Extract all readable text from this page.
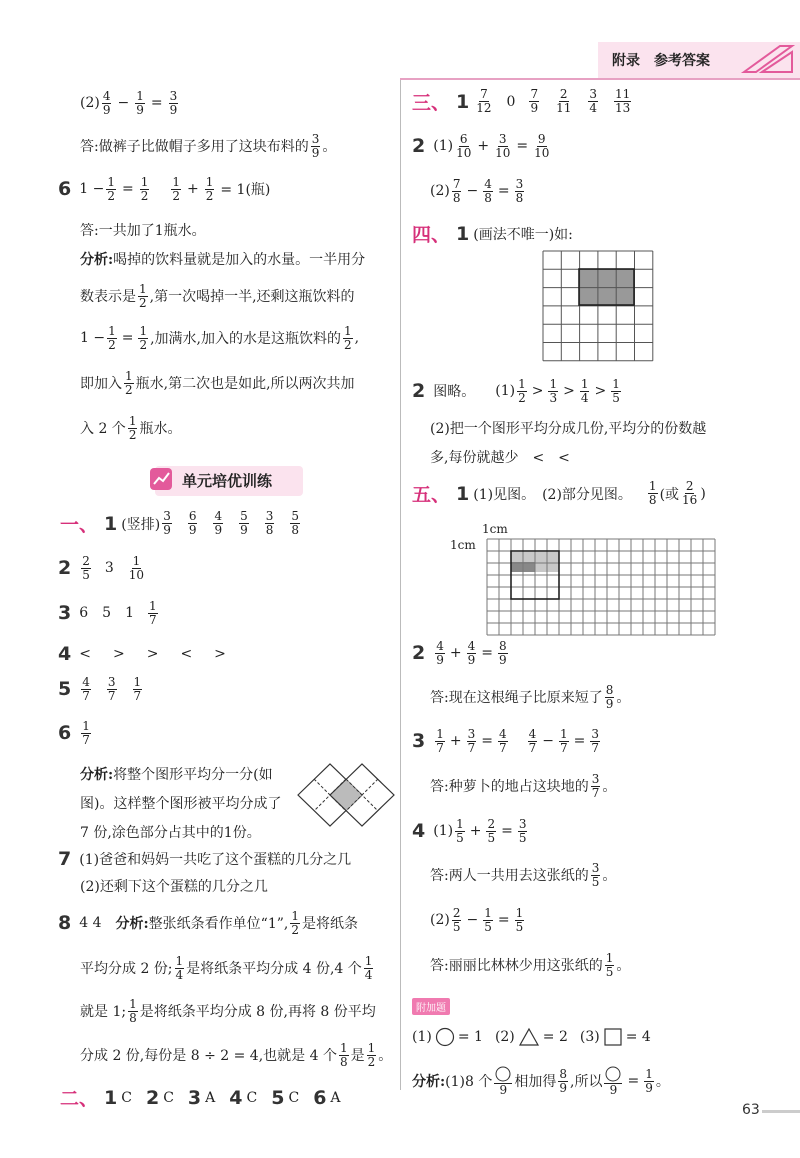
附录　参考答案
$(2) \frac{4}{9} - \frac{1}{9} = \frac{3}{9}$
答:做裤子比做帽子多用了这块布料的 $\frac{3}{9}$ 。
6 $1 - \frac{1}{2} = \frac{1}{2} \frac{1}{2} + \frac{1}{2} = 1$(瓶)
答:一共加了1瓶水。
分析: 喝掉的饮料量就是加入的水量。一半用分
数表示是 $\frac{1}{2}$ ,第一次喝掉一半,还剩这瓶饮料的
$1 - \frac{1}{2} = \frac{1}{2}$ ,加满水,加入的水是这瓶饮料的 $\frac{1}{2}$ ,
即加入 $\frac{1}{2}$ 瓶水,第二次也是如此,所以两次共加
入 2 个 $\frac{1}{2}$ 瓶水。
单元培优训练
一、 1 (竖排) $\frac{3}{9} \frac{6}{9} \frac{4}{9} \frac{5}{9} \frac{3}{8} \frac{5}{8}$
$2 \frac{2}{5} 3 \frac{1}{10}$
3 6 5 $1 \frac{1}{7}$
4 < > > < >
$5 \frac{4}{7} \frac{3}{7} \frac{1}{7}$
$6 \frac{1}{7}$
分析:将整个图形平均分一分(如
图)。这样整个图形被平均分成了
7 份,涂色部分占其中的1份。
7 (1)爸爸和妈妈一共吃了这个蛋糕的几分之几
(2)还剩下这个蛋糕的几分之几
8 4 4 分析: 整张纸条看作单位“1”, $\frac{1}{2}$ 是将纸条
平均分成 2 份; $\frac{1}{4}$ 是将纸条平均分成 4 份,4 个 $\frac{1}{4}$
就是 1; $\frac{1}{8}$ 是将纸条平均分成 8 份,再将 8 份平均
分成 2 份,每份是 8 ÷ 2 = 4,也就是 4 个 $\frac{1}{8}$ 是 $\frac{1}{2}$ 。
二、 1 C 2 C 3 A 4 C 5 C 6 A
三、 $1 \frac{7}{12} 0 \frac{7}{9} \frac{2}{11} \frac{3}{4} \frac{11}{13}$
2 $(1) \frac{6}{10} + \frac{3}{10} = \frac{9}{10}$
$(2) \frac{7}{8} - \frac{4}{8} = \frac{3}{8}$
四、 1 (画法不唯一)如:
2 图略。 $(1) \frac{1}{2} > \frac{1}{3} > \frac{1}{4} > \frac{1}{5}$
(2)把一个图形平均分成几份,平均分的份数越
多,每份就越少　<　<
五、 1 (1)见图。　(2)部分见图。 $\frac{1}{8}$ (或 $\frac{2}{16}$ )
1cm
1cm
$2 \frac{4}{9} + \frac{4}{9} = \frac{8}{9}$
答:现在这根绳子比原来短了 $\frac{8}{9}$ 。
$3 \frac{1}{7} + \frac{3}{7} = \frac{4}{7} \frac{4}{7} - \frac{1}{7} = \frac{3}{7}$
答:种萝卜的地占这块地的 $\frac{3}{7}$ 。
4 $(1) \frac{1}{5} + \frac{2}{5} = \frac{3}{5}$
答:两人一共用去这张纸的 $\frac{3}{5}$ 。
$(2) \frac{2}{5} - \frac{1}{5} = \frac{1}{5}$
答:丽丽比林林少用这张纸的 $\frac{1}{5}$ 。
附加题
(1) = 1 (2) = 2 (3) = 4
分析: (1)8 个 9 相加得 $\frac{8}{9}$ ,所以 9
= $\frac{1}{9}$ 。
63
